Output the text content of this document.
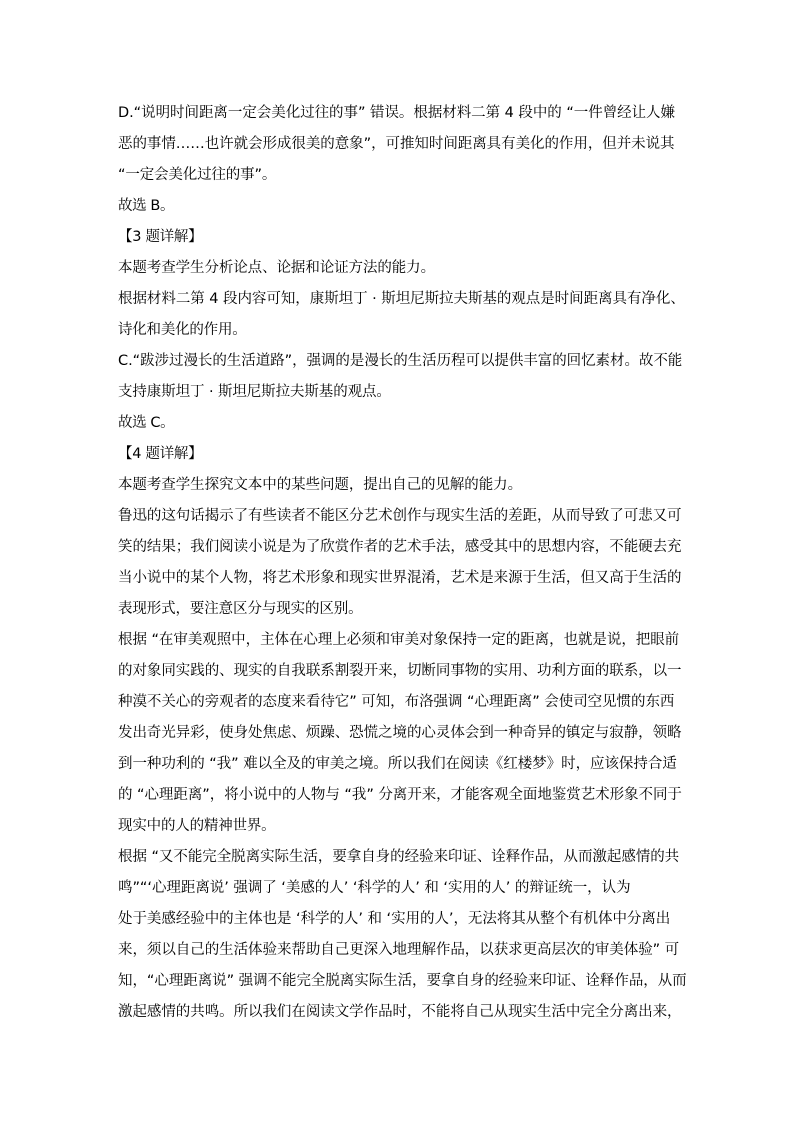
D.“说明时间距离一定会美化过往的事” 错误。根据材料二第 4 段中的 “一件曾经让人嫌
恶的事情……也许就会形成很美的意象”，可推知时间距离具有美化的作用，但并未说其
“一定会美化过往的事”。
故选 B。
【3 题详解】
本题考查学生分析论点、论据和论证方法的能力。
根据材料二第 4 段内容可知，康斯坦丁 · 斯坦尼斯拉夫斯基的观点是时间距离具有净化、
诗化和美化的作用。
C.“跋涉过漫长的生活道路”，强调的是漫长的生活历程可以提供丰富的回忆素材。故不能
支持康斯坦丁 · 斯坦尼斯拉夫斯基的观点。
故选 C。
【4 题详解】
本题考查学生探究文本中的某些问题，提出自己的见解的能力。
鲁迅的这句话揭示了有些读者不能区分艺术创作与现实生活的差距，从而导致了可悲又可
笑的结果；我们阅读小说是为了欣赏作者的艺术手法，感受其中的思想内容，不能硬去充
当小说中的某个人物，将艺术形象和现实世界混淆，艺术是来源于生活，但又高于生活的
表现形式，要注意区分与现实的区别。
根据 “在审美观照中，主体在心理上必须和审美对象保持一定的距离，也就是说，把眼前
的对象同实践的、现实的自我联系割裂开来，切断同事物的实用、功利方面的联系，以一
种漠不关心的旁观者的态度来看待它” 可知，布洛强调 “心理距离” 会使司空见惯的东西
发出奇光异彩，使身处焦虑、烦躁、恐慌之境的心灵体会到一种奇异的镇定与寂静，领略
到一种功利的 “我” 难以全及的审美之境。所以我们在阅读《红楼梦》时，应该保持合适
的 “心理距离”，将小说中的人物与 “我” 分离开来，才能客观全面地鉴赏艺术形象不同于
现实中的人的精神世界。
根据 “又不能完全脱离实际生活，要拿自身的经验来印证、诠释作品，从而激起感情的共
鸣”“‘心理距离说’ 强调了 ‘美感的人’ ‘科学的人’ 和 ‘实用的人’ 的辩证统一，认为
处于美感经验中的主体也是 ‘科学的人’ 和 ‘实用的人’，无法将其从整个有机体中分离出
来，须以自己的生活体验来帮助自己更深入地理解作品，以获求更高层次的审美体验” 可
知，“心理距离说” 强调不能完全脱离实际生活，要拿自身的经验来印证、诠释作品，从而
激起感情的共鸣。所以我们在阅读文学作品时，不能将自己从现实生活中完全分离出来，
